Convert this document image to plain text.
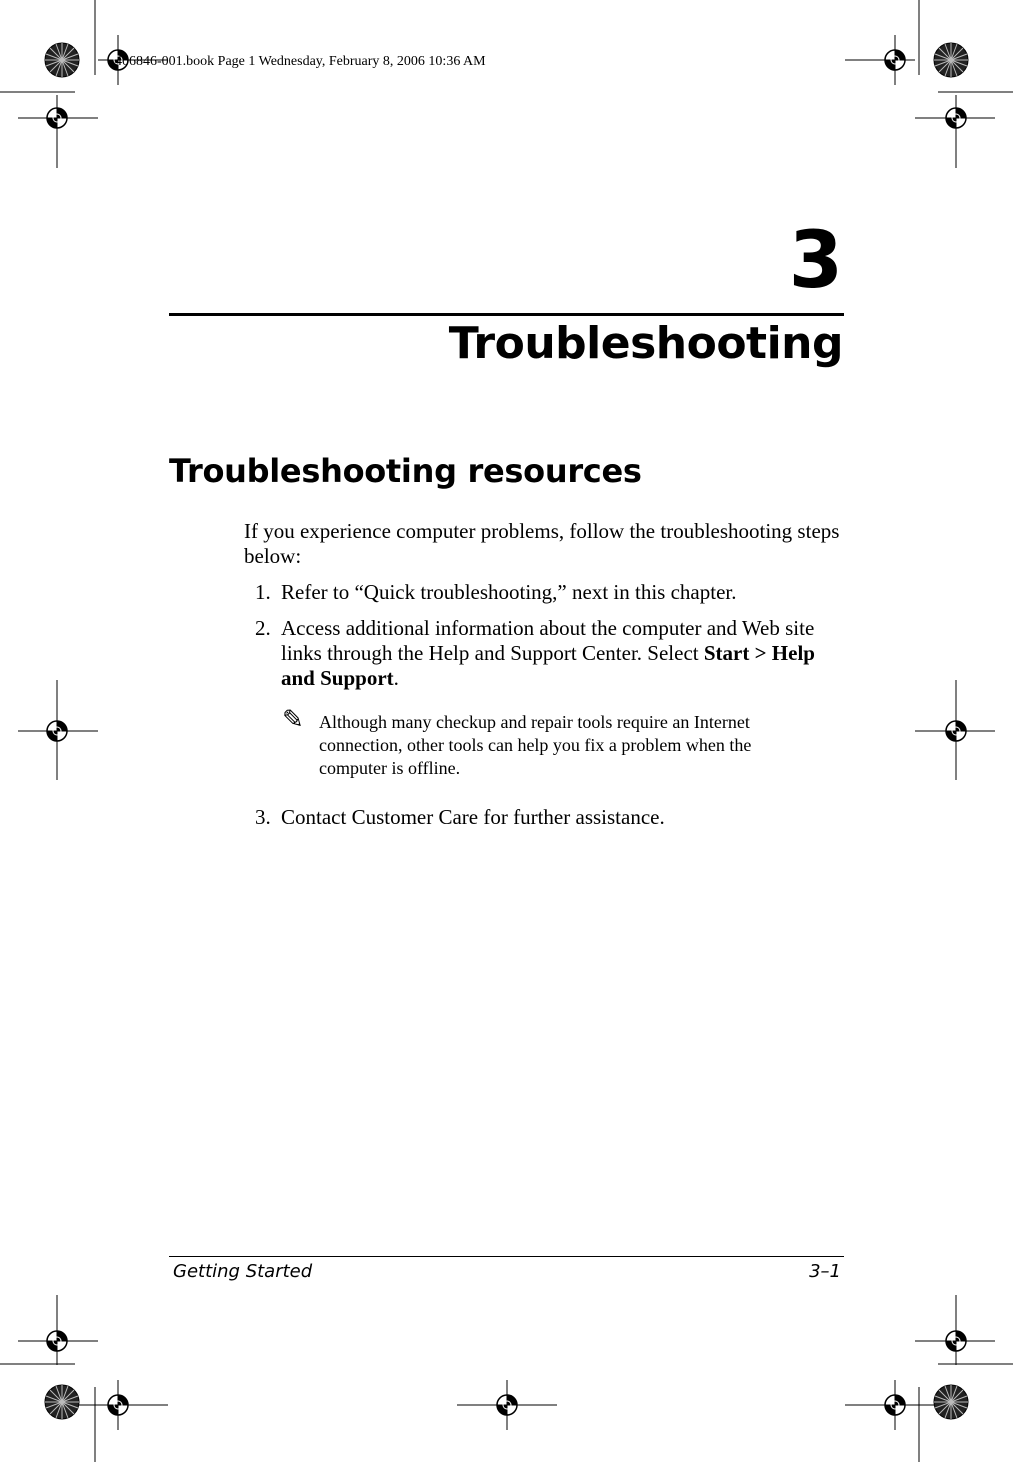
406846-001.book Page 1 Wednesday, February 8, 2006 10:36 AM
3
Troubleshooting
Troubleshooting resources
If you experience computer problems, follow the troubleshooting steps below:
1. Refer to “Quick troubleshooting,” next in this chapter.
2. Access additional information about the computer and Web site links through the Help and Support Center. Select Start > Help and Support.
✎ Although many checkup and repair tools require an Internet connection, other tools can help you fix a problem when the computer is offline.
3. Contact Customer Care for further assistance.
Getting Started	3–1
